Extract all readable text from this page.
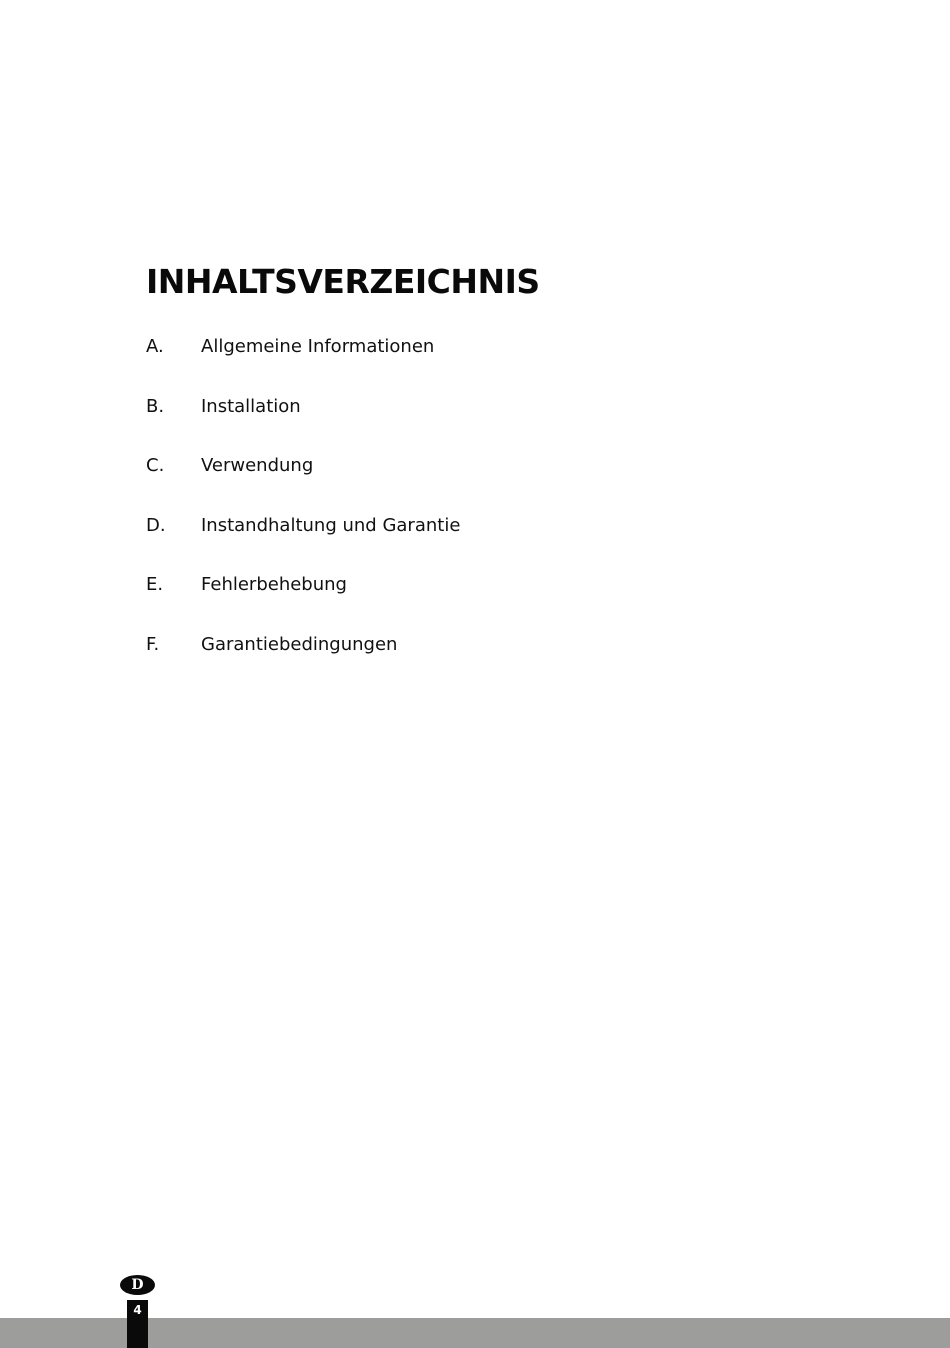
INHALTSVERZEICHNIS
A.	Allgemeine Informationen
B.	Installation
C.	Verwendung
D.	Instandhaltung und Garantie
E.	Fehlerbehebung
F.	Garantiebedingungen
4
D
